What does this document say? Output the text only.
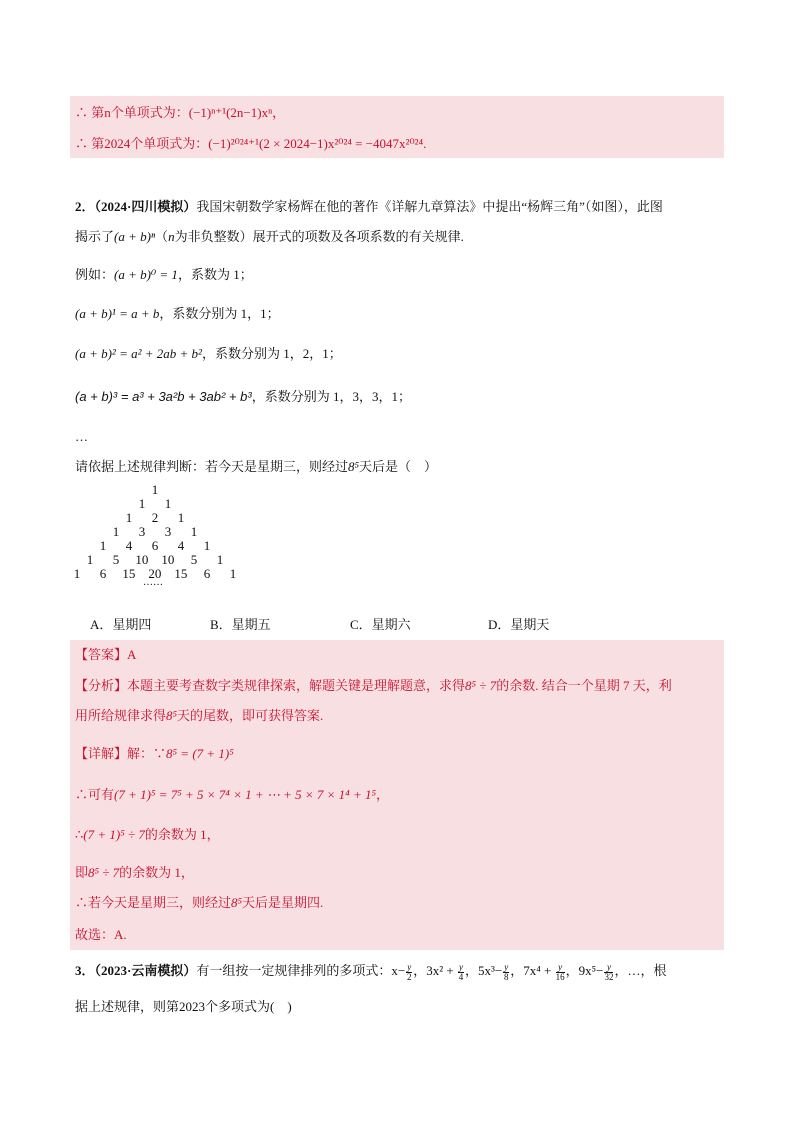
∴ 第n个单项式为：(−1)ⁿ⁺¹(2n−1)xⁿ，
∴ 第2024个单项式为：(−1)²⁰²⁴⁺¹(2 × 2024−1)x²⁰²⁴ = −4047x²⁰²⁴.
2．（2024·四川模拟）我国宋朝数学家杨辉在他的著作《详解九章算法》中提出“杨辉三角”（如图），此图
揭示了(a + b)ⁿ（n为非负整数）展开式的项数及各项系数的有关规律.
例如：(a + b)⁰ = 1，系数为 1；
(a + b)¹ = a + b，系数分别为 1，1；
(a + b)² = a² + 2ab + b²，系数分别为 1，2，1；
(a + b)³ = a³ + 3a²b + 3ab² + b³，系数分别为 1，3，3，1；
…
请依据上述规律判断：若今天是星期三，则经过8⁵天后是（　）
1
1 1
1 2 1
1 3 3 1
1 4 6 4 1
1 5 10 10 5 1
1 6 15 20 15 6 1
……
A．星期四	B．星期五	C．星期六	D．星期天
【答案】A
【分析】本题主要考查数字类规律探索，解题关键是理解题意，求得8⁵ ÷ 7的余数. 结合一个星期 7 天，利
用所给规律求得8⁵天的尾数，即可获得答案.
【详解】解：∵8⁵ = (7 + 1)⁵
∴可有(7 + 1)⁵ = 7⁵ + 5 × 7⁴ × 1 + ⋯ + 5 × 7 × 1⁴ + 1⁵，
∴(7 + 1)⁵ ÷ 7的余数为 1，
即8⁵ ÷ 7的余数为 1，
∴若今天是星期三，则经过8⁵天后是星期四.
故选：A.
3．（2023·云南模拟）有一组按一定规律排列的多项式：$x- \frac{y}{2}$ ，$3x^2 + \frac{y}{4}$ ，$5x^3- \frac{y}{8}$ ，$7x^4 + \frac{y}{16}$ ，$9x^5- \frac{y}{32}$ ，…，根
据上述规律，则第2023个多项式为(　)
